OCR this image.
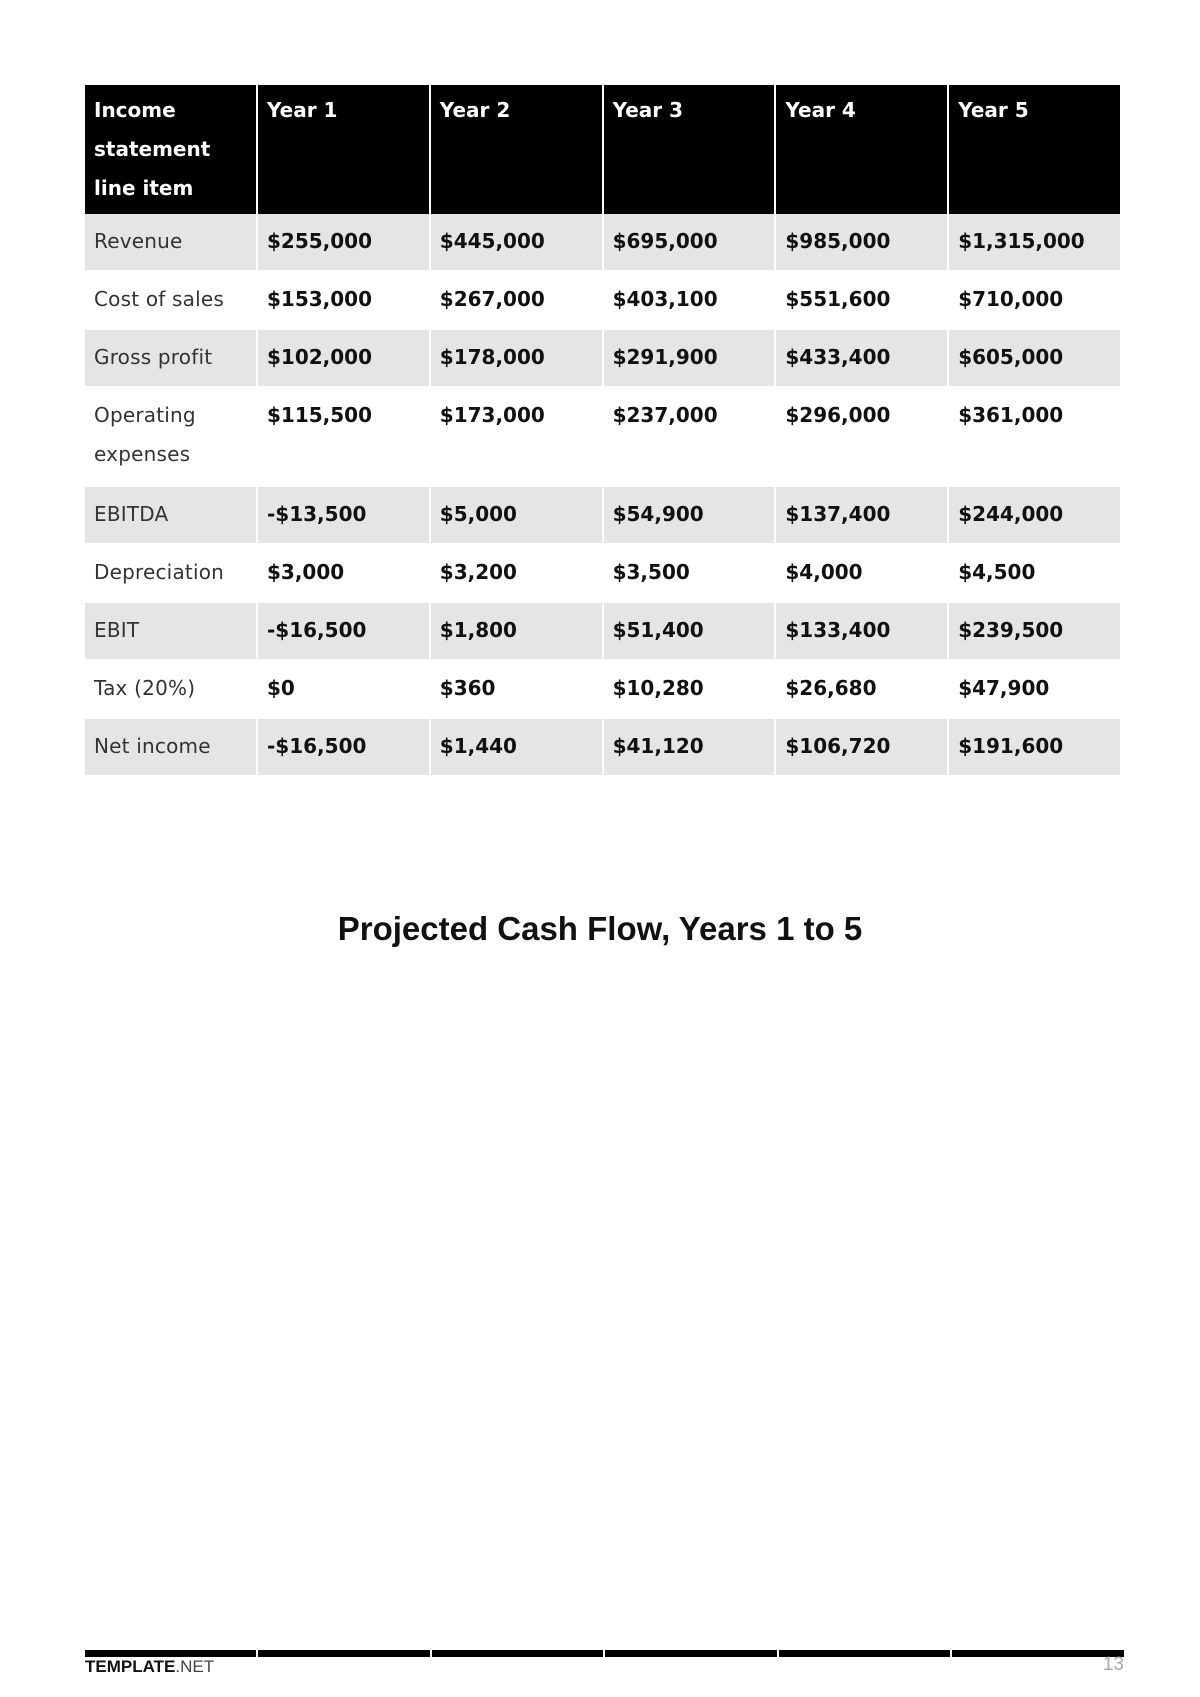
Income statement line item	Year 1	Year 2	Year 3	Year 4	Year 5
Revenue	$255,000	$445,000	$695,000	$985,000	$1,315,000
Cost of sales	$153,000	$267,000	$403,100	$551,600	$710,000
Gross profit	$102,000	$178,000	$291,900	$433,400	$605,000
Operating expenses	$115,500	$173,000	$237,000	$296,000	$361,000
EBITDA	-$13,500	$5,000	$54,900	$137,400	$244,000
Depreciation	$3,000	$3,200	$3,500	$4,000	$4,500
EBIT	-$16,500	$1,800	$51,400	$133,400	$239,500
Tax (20%)	$0	$360	$10,280	$26,680	$47,900
Net income	-$16,500	$1,440	$41,120	$106,720	$191,600
Projected Cash Flow, Years 1 to 5
TEMPLATE.NET	13
